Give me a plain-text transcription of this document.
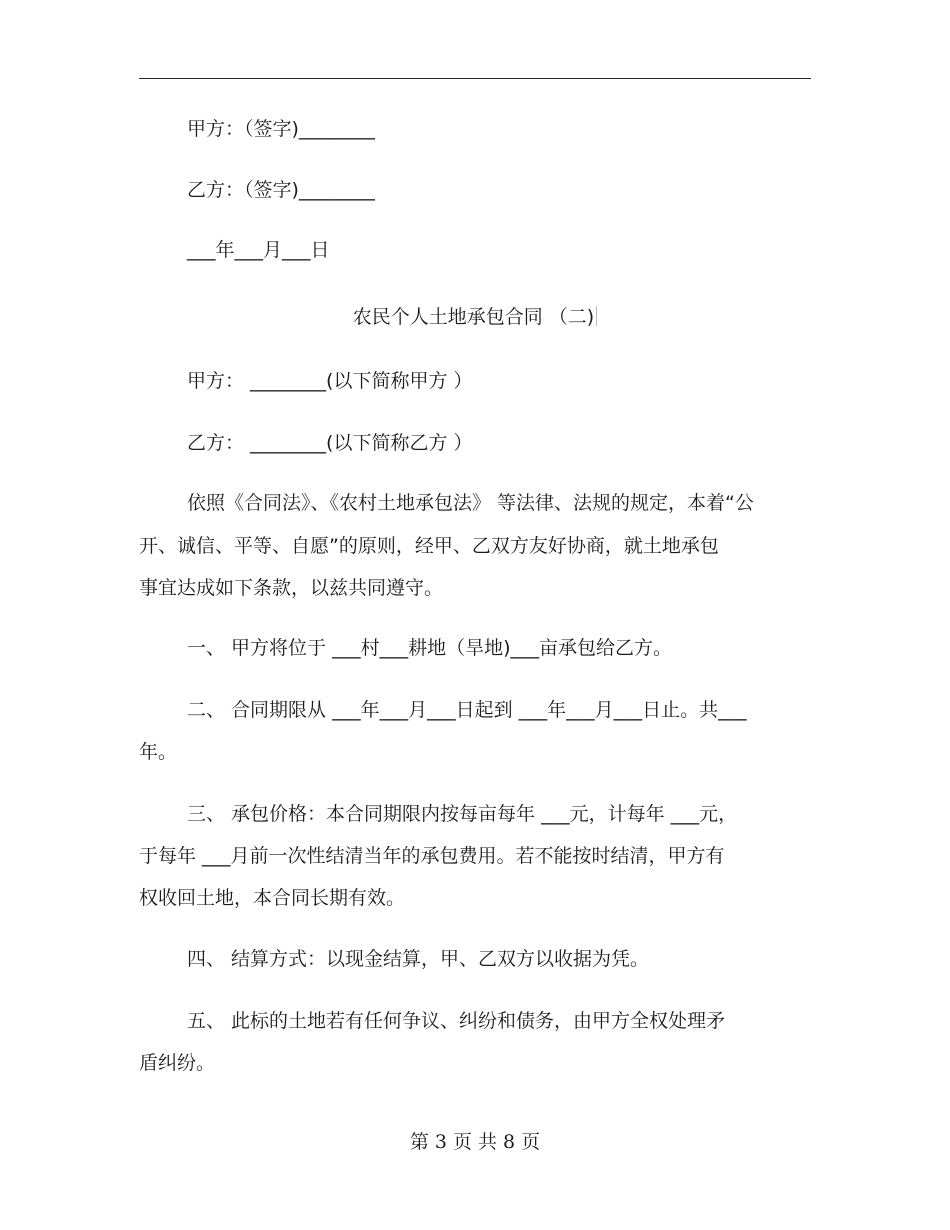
甲方：（签字)________
乙方：（签字)________
___年___月___日
农民个人土地承包合同 （二)
甲方： ________(以下简称甲方 ）
乙方： ________(以下简称乙方 ）
依照《合同法》、《农村土地承包法》 等法律、法规的规定，本着“公
开、诚信、平等、自愿”的原则，经甲、乙双方友好协商，就土地承包
事宜达成如下条款，以兹共同遵守。
一、 甲方将位于 ___村___耕地（旱地)___亩承包给乙方。
二、 合同期限从 ___年___月___日起到 ___年___月___日止。共___
年。
三、 承包价格：本合同期限内按每亩每年 ___元，计每年 ___元，
于每年 ___月前一次性结清当年的承包费用。若不能按时结清，甲方有
权收回土地，本合同长期有效。
四、 结算方式：以现金结算，甲、乙双方以收据为凭。
五、 此标的土地若有任何争议、纠纷和债务，由甲方全权处理矛
盾纠纷。
第 3 页 共 8 页
